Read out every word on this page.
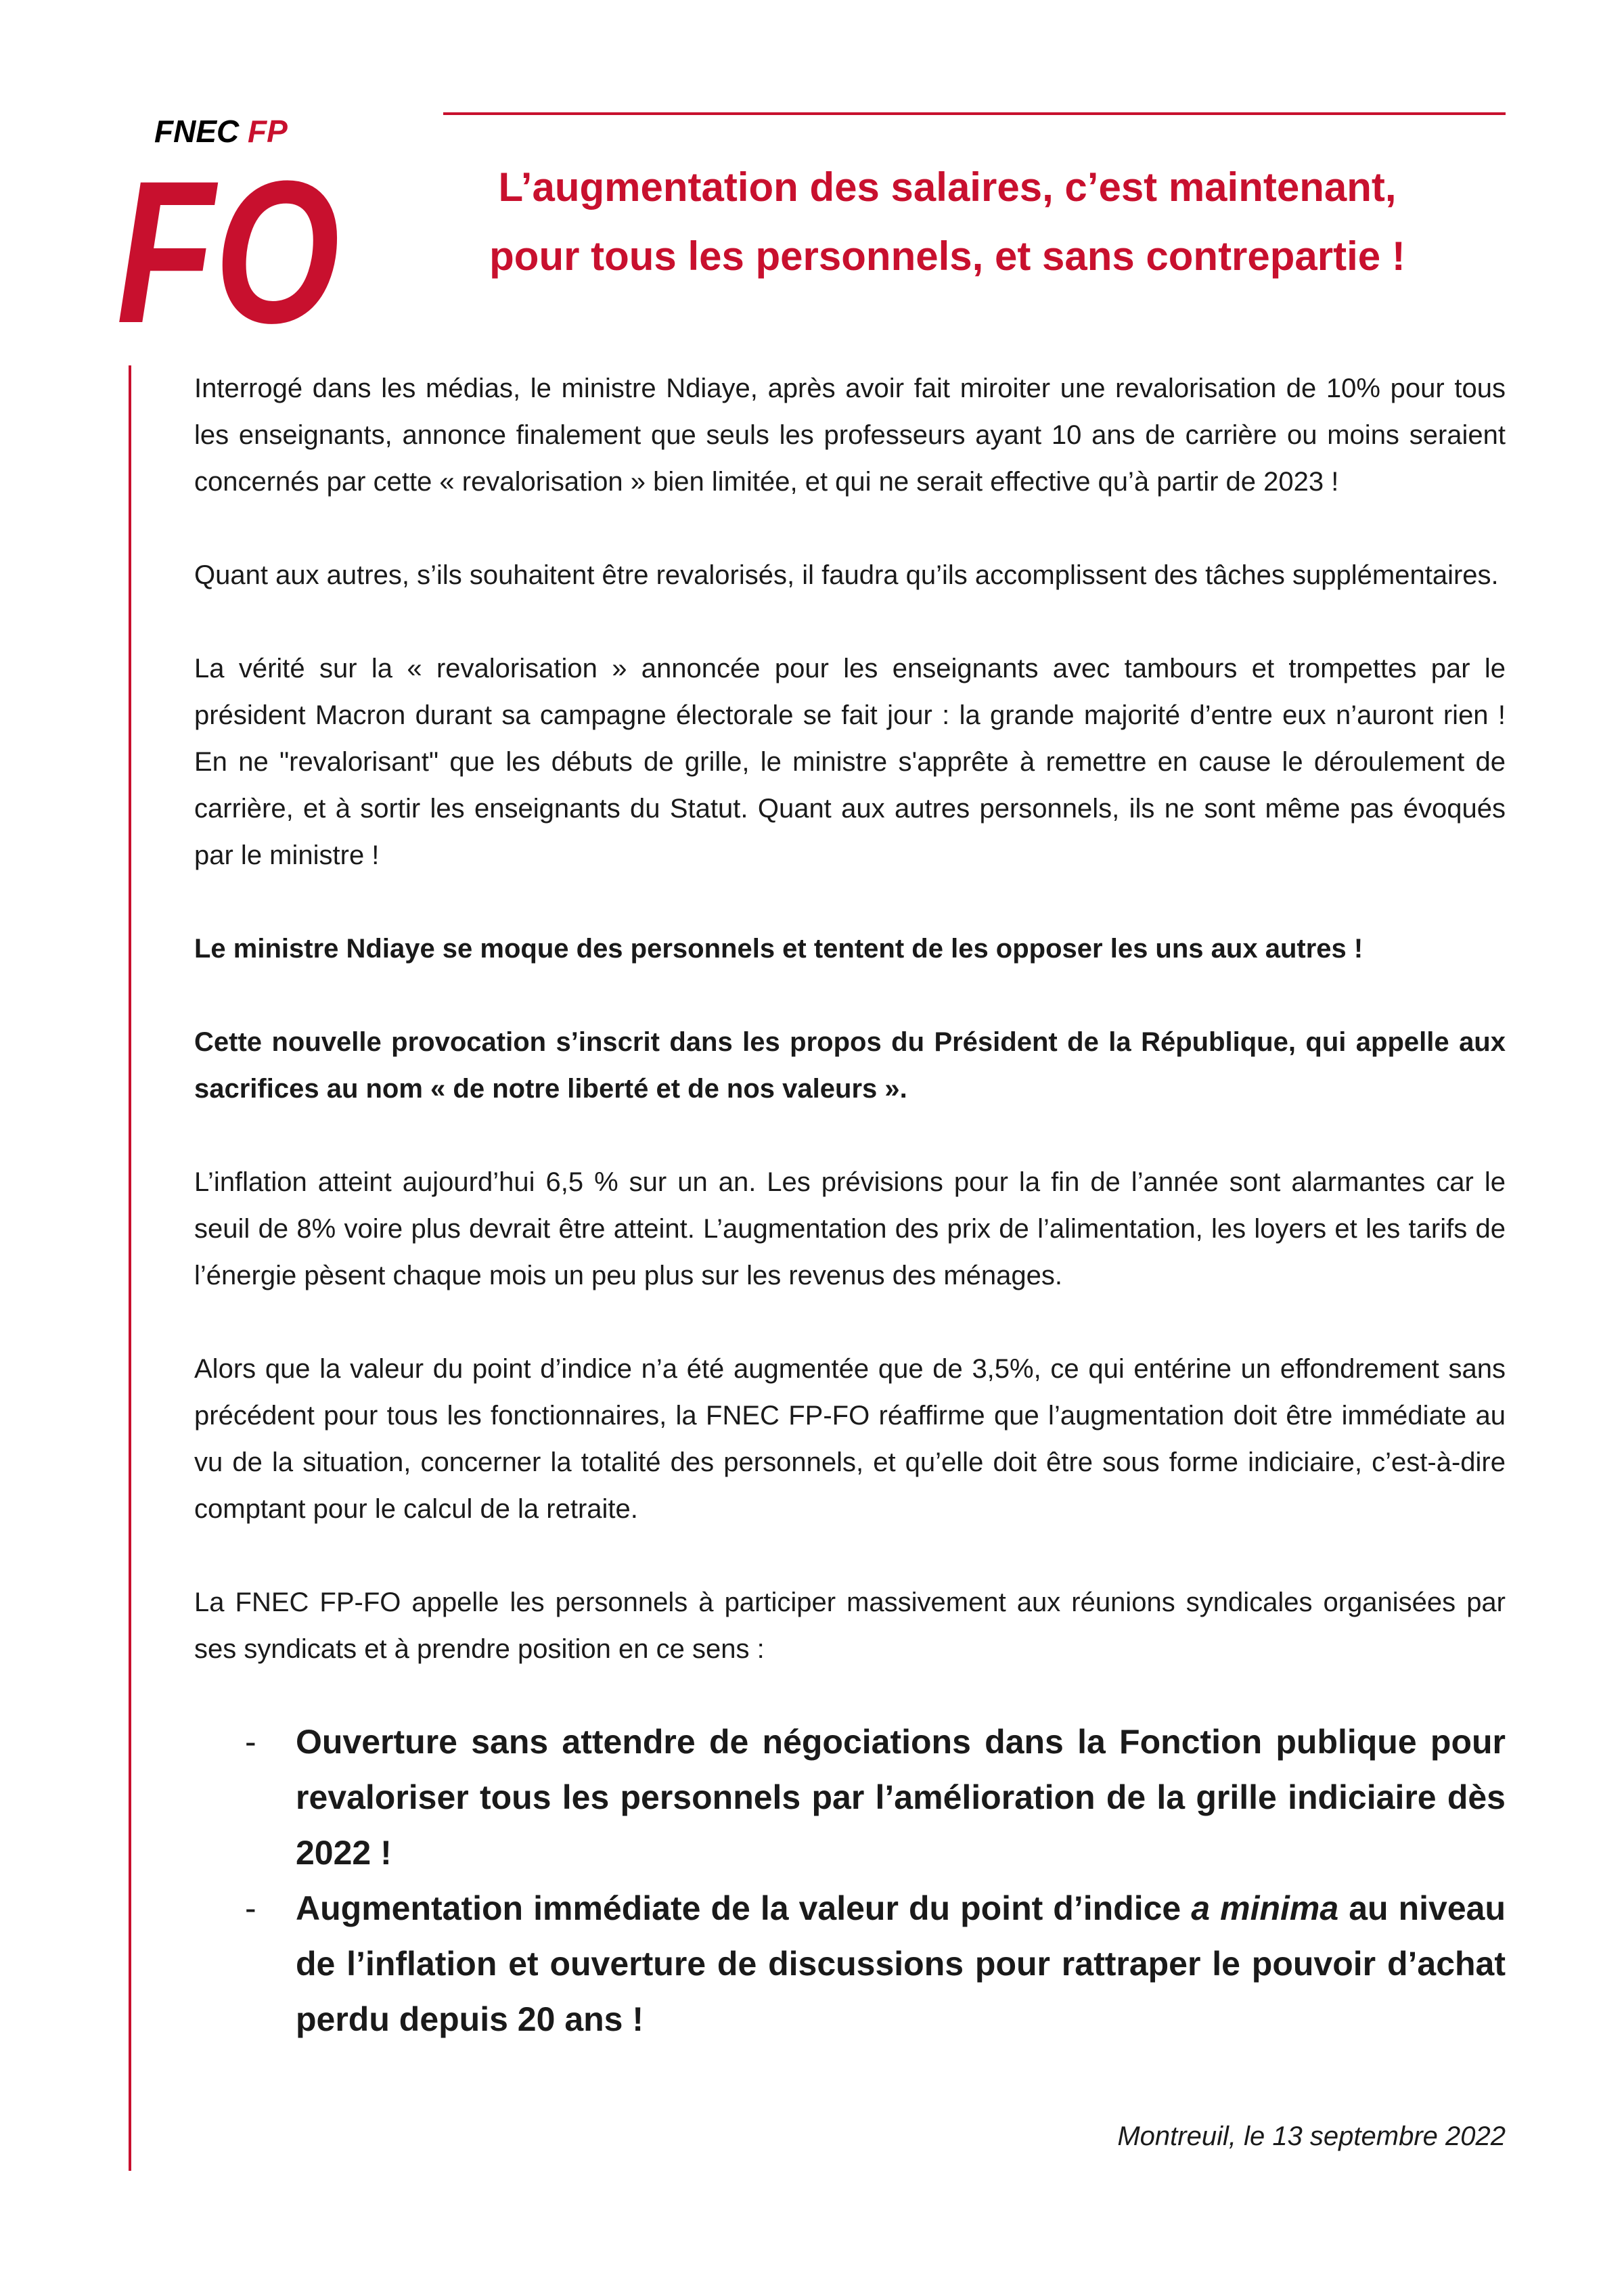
FNEC FP
FO	L’augmentation des salaires, c’est maintenant,
pour tous les personnels, et sans contrepartie !

Interrogé dans les médias, le ministre Ndiaye, après avoir fait miroiter une revalorisation de 10% pour tous les enseignants, annonce finalement que seuls les professeurs ayant 10 ans de carrière ou moins seraient concernés par cette « revalorisation » bien limitée, et qui ne serait effective qu’à partir de 2023 !

Quant aux autres, s’ils souhaitent être revalorisés, il faudra qu’ils accomplissent des tâches supplémentaires.

La vérité sur la « revalorisation » annoncée pour les enseignants avec tambours et trompettes par le président Macron durant sa campagne électorale se fait jour : la grande majorité d’entre eux n’auront rien ! En ne "revalorisant" que les débuts de grille, le ministre s'apprête à remettre en cause le déroulement de carrière, et à sortir les enseignants du Statut. Quant aux autres personnels, ils ne sont même pas évoqués par le ministre !

Le ministre Ndiaye se moque des personnels et tentent de les opposer les uns aux autres !

Cette nouvelle provocation s’inscrit dans les propos du Président de la République, qui appelle aux sacrifices au nom « de notre liberté et de nos valeurs ».

L’inflation atteint aujourd’hui 6,5 % sur un an. Les prévisions pour la fin de l’année sont alarmantes car le seuil de 8% voire plus devrait être atteint. L’augmentation des prix de l’alimentation, les loyers et les tarifs de l’énergie pèsent chaque mois un peu plus sur les revenus des ménages.

Alors que la valeur du point d’indice n’a été augmentée que de 3,5%, ce qui entérine un effondrement sans précédent pour tous les fonctionnaires, la FNEC FP-FO réaffirme que l’augmentation doit être immédiate au vu de la situation, concerner la totalité des personnels, et qu’elle doit être sous forme indiciaire, c’est-à-dire comptant pour le calcul de la retraite.

La FNEC FP-FO appelle les personnels à participer massivement aux réunions syndicales organisées par ses syndicats et à prendre position en ce sens :

- Ouverture sans attendre de négociations dans la Fonction publique pour revaloriser tous les personnels par l’amélioration de la grille indiciaire dès 2022 !
- Augmentation immédiate de la valeur du point d’indice a minima au niveau de l’inflation et ouverture de discussions pour rattraper le pouvoir d’achat perdu depuis 20 ans !
Montreuil, le 13 septembre 2022
